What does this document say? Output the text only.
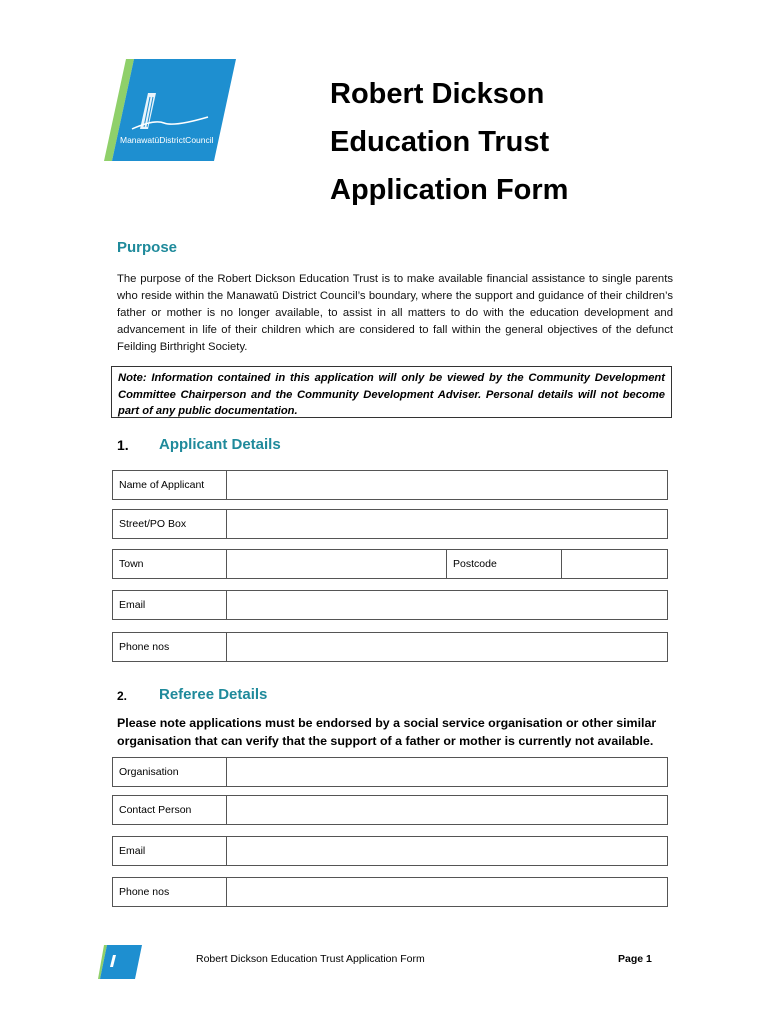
ManawatūDistrictCouncil
Robert Dickson
Education Trust
Application Form
Purpose
The purpose of the Robert Dickson Education Trust is to make available financial assistance to single parents who reside within the Manawatū District Council’s boundary, where the support and guidance of their children’s father or mother is no longer available, to assist in all matters to do with the education development and advancement in life of their children which are considered to fall within the general objectives of the defunct Feilding Birthright Society.
Note: Information contained in this application will only be viewed by the Community Development Committee Chairperson and the Community Development Adviser. Personal details will not become part of any public documentation.
1. Applicant Details
Name of Applicant
Street/PO Box
Town	Postcode
Email
Phone nos
2. Referee Details
Please note applications must be endorsed by a social service organisation or other similar organisation that can verify that the support of a father or mother is currently not available.
Organisation
Contact Person
Email
Phone nos
Robert Dickson Education Trust Application Form	Page 1
